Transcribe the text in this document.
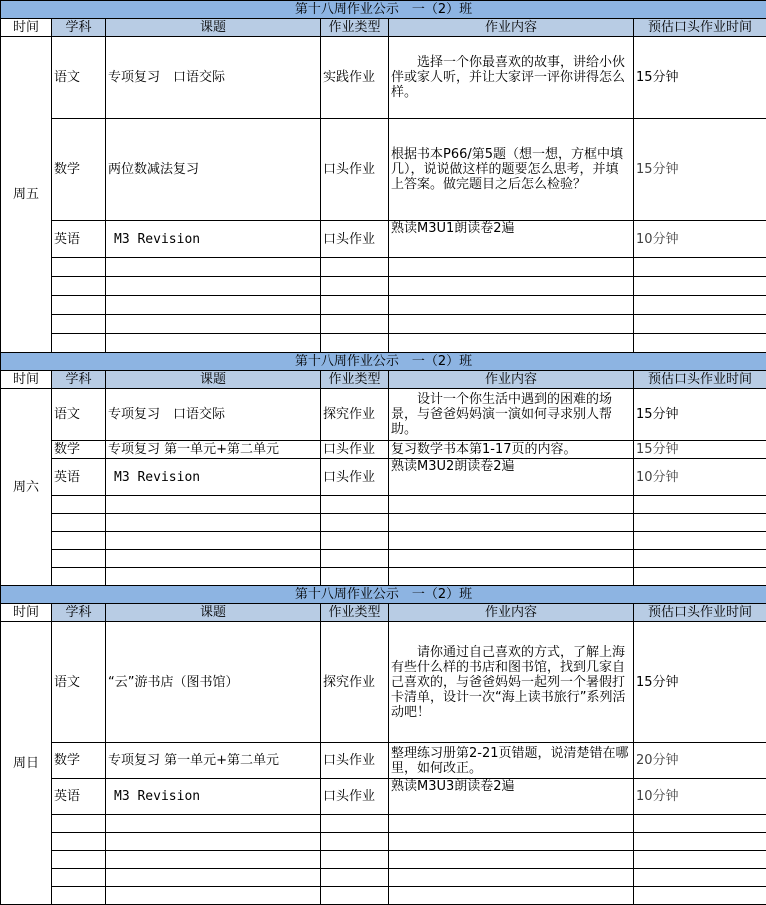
第十八周作业公示　一（2）班					
时间	学科	课题	作业类型	作业内容	预估口头作业时间
周五	语文	专项复习　口语交际	实践作业	选择一个你最喜欢的故事，讲给小伙伴或家人听，并让大家评一评你讲得怎么样。	15分钟
	数学	两位数减法复习	口头作业	根据书本P66/第5题（想一想，方框中填几），说说做这样的题要怎么思考，并填上答案。做完题目之后怎么检验？	15分钟
	英语	M3 Revision	口头作业	熟读M3U1朗读卷2遍	10分钟

第十八周作业公示　一（2）班					
时间	学科	课题	作业类型	作业内容	预估口头作业时间
周六	语文	专项复习　口语交际	探究作业	设计一个你生活中遇到的困难的场景，与爸爸妈妈演一演如何寻求别人帮助。	15分钟
	数学	专项复习 第一单元+第二单元	口头作业	复习数学书本第1-17页的内容。	15分钟
	英语	M3 Revision	口头作业	熟读M3U2朗读卷2遍	10分钟

第十八周作业公示　一（2）班					
时间	学科	课题	作业类型	作业内容	预估口头作业时间
周日	语文	“云”游书店（图书馆）	探究作业	请你通过自己喜欢的方式，了解上海有些什么样的书店和图书馆，找到几家自己喜欢的，与爸爸妈妈一起列一个暑假打卡清单，设计一次“海上读书旅行”系列活动吧！	15分钟
	数学	专项复习 第一单元+第二单元	口头作业	整理练习册第2-21页错题，说清楚错在哪里，如何改正。	20分钟
	英语	M3 Revision	口头作业	熟读M3U3朗读卷2遍	10分钟
